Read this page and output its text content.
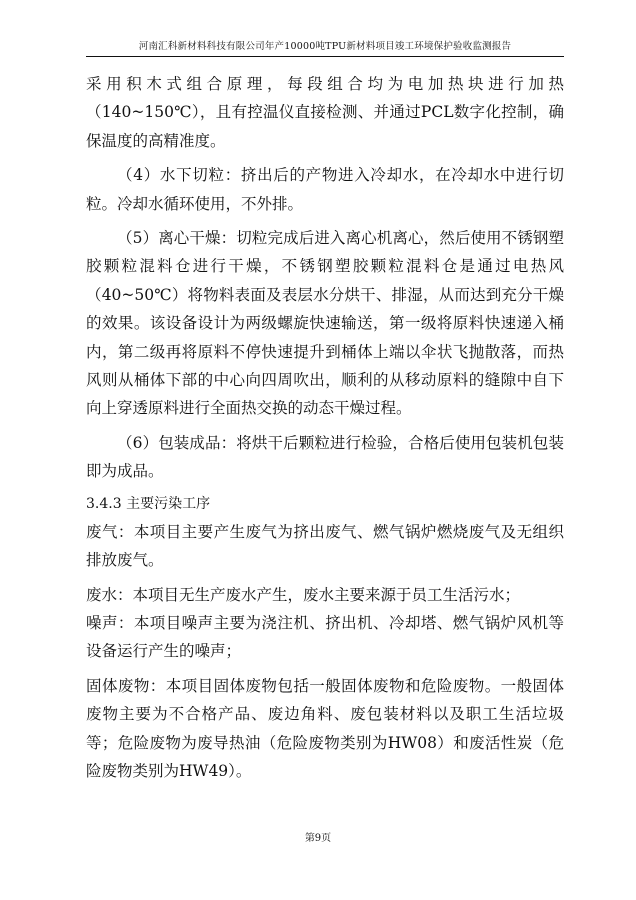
河南汇科新材料科技有限公司年产10000吨TPU新材料项目竣工环境保护验收监测报告

采用积木式组合原理，每段组合均为电加热块进行加热（140~150℃），且有控温仪直接检测、并通过PCL数字化控制，确保温度的高精准度。

（4）水下切粒：挤出后的产物进入冷却水，在冷却水中进行切粒。冷却水循环使用，不外排。

（5）离心干燥：切粒完成后进入离心机离心，然后使用不锈钢塑胶颗粒混料仓进行干燥，不锈钢塑胶颗粒混料仓是通过电热风（40~50℃）将物料表面及表层水分烘干、排湿，从而达到充分干燥的效果。该设备设计为两级螺旋快速输送，第一级将原料快速递入桶内，第二级再将原料不停快速提升到桶体上端以伞状飞抛散落，而热风则从桶体下部的中心向四周吹出，顺利的从移动原料的缝隙中自下向上穿透原料进行全面热交换的动态干燥过程。

（6）包装成品：将烘干后颗粒进行检验，合格后使用包装机包装即为成品。

3.4.3 主要污染工序

废气：本项目主要产生废气为挤出废气、燃气锅炉燃烧废气及无组织排放废气。

废水：本项目无生产废水产生，废水主要来源于员工生活污水；

噪声：本项目噪声主要为浇注机、挤出机、冷却塔、燃气锅炉风机等设备运行产生的噪声；

固体废物：本项目固体废物包括一般固体废物和危险废物。一般固体废物主要为不合格产品、废边角料、废包装材料以及职工生活垃圾等；危险废物为废导热油（危险废物类别为HW08）和废活性炭（危险废物类别为HW49）。

第9页
